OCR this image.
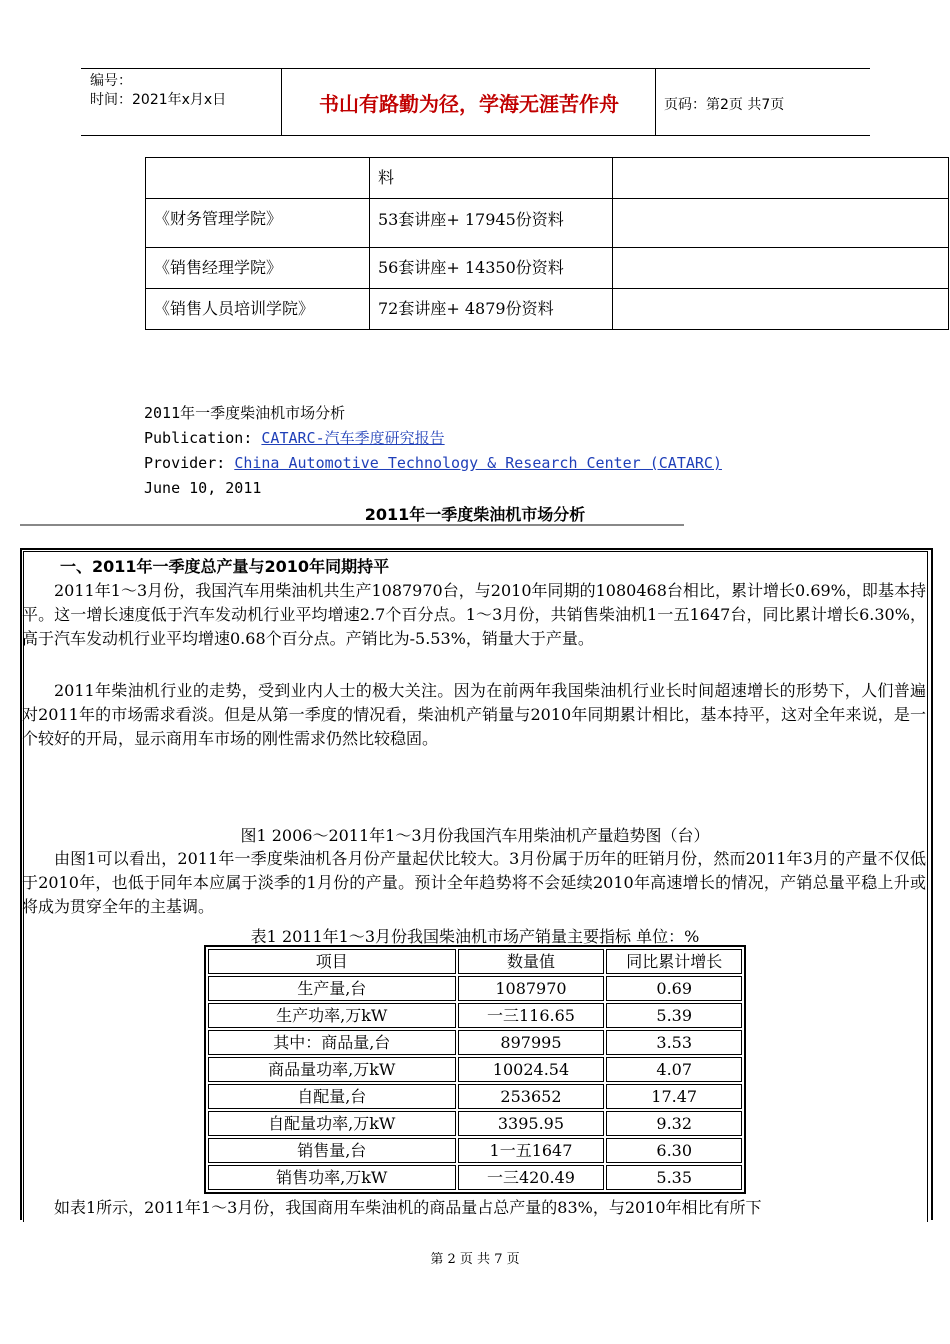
编号：
时间：2021年x月x日	书山有路勤为径，学海无涯苦作舟	页码：第2页 共7页
	料	
《财务管理学院》	53套讲座+ 17945份资料	
《销售经理学院》	56套讲座+ 14350份资料	
《销售人员培训学院》	72套讲座+ 4879份资料	
2011年一季度柴油机市场分析
Publication: CATARC-汽车季度研究报告
Provider: China Automotive Technology & Research Center (CATARC)
June 10, 2011
2011年一季度柴油机市场分析
一、2011年一季度总产量与2010年同期持平

2011年1～3月份，我国汽车用柴油机共生产1087970台，与2010年同期的1080468台相比，累计增长0.69%，即基本持平。这一增长速度低于汽车发动机行业平均增速2.7个百分点。1～3月份，共销售柴油机1一五1647台，同比累计增长6.30%，高于汽车发动机行业平均增速0.68个百分点。产销比为-5.53%，销量大于产量。

2011年柴油机行业的走势，受到业内人士的极大关注。因为在前两年我国柴油机行业长时间超速增长的形势下，人们普遍对2011年的市场需求看淡。但是从第一季度的情况看，柴油机产销量与2010年同期累计相比，基本持平，这对全年来说，是一个较好的开局，显示商用车市场的刚性需求仍然比较稳固。

图1 2006～2011年1～3月份我国汽车用柴油机产量趋势图（台）

由图1可以看出，2011年一季度柴油机各月份产量起伏比较大。3月份属于历年的旺销月份，然而2011年3月的产量不仅低于2010年，也低于同年本应属于淡季的1月份的产量。预计全年趋势将不会延续2010年高速增长的情况，产销总量平稳上升或将成为贯穿全年的主基调。

表1 2011年1～3月份我国柴油机市场产销量主要指标 单位：%
项目	数量值	同比累计增长
生产量,台	1087970	0.69
生产功率,万kW	一三116.65	5.39
其中：商品量,台	897995	3.53
商品量功率,万kW	10024.54	4.07
自配量,台	253652	17.47
自配量功率,万kW	3395.95	9.32
销售量,台	1一五1647	6.30
销售功率,万kW	一三420.49	5.35

如表1所示，2011年1～3月份，我国商用车柴油机的商品量占总产量的83%，与2010年相比有所下

第 2 页 共 7 页
